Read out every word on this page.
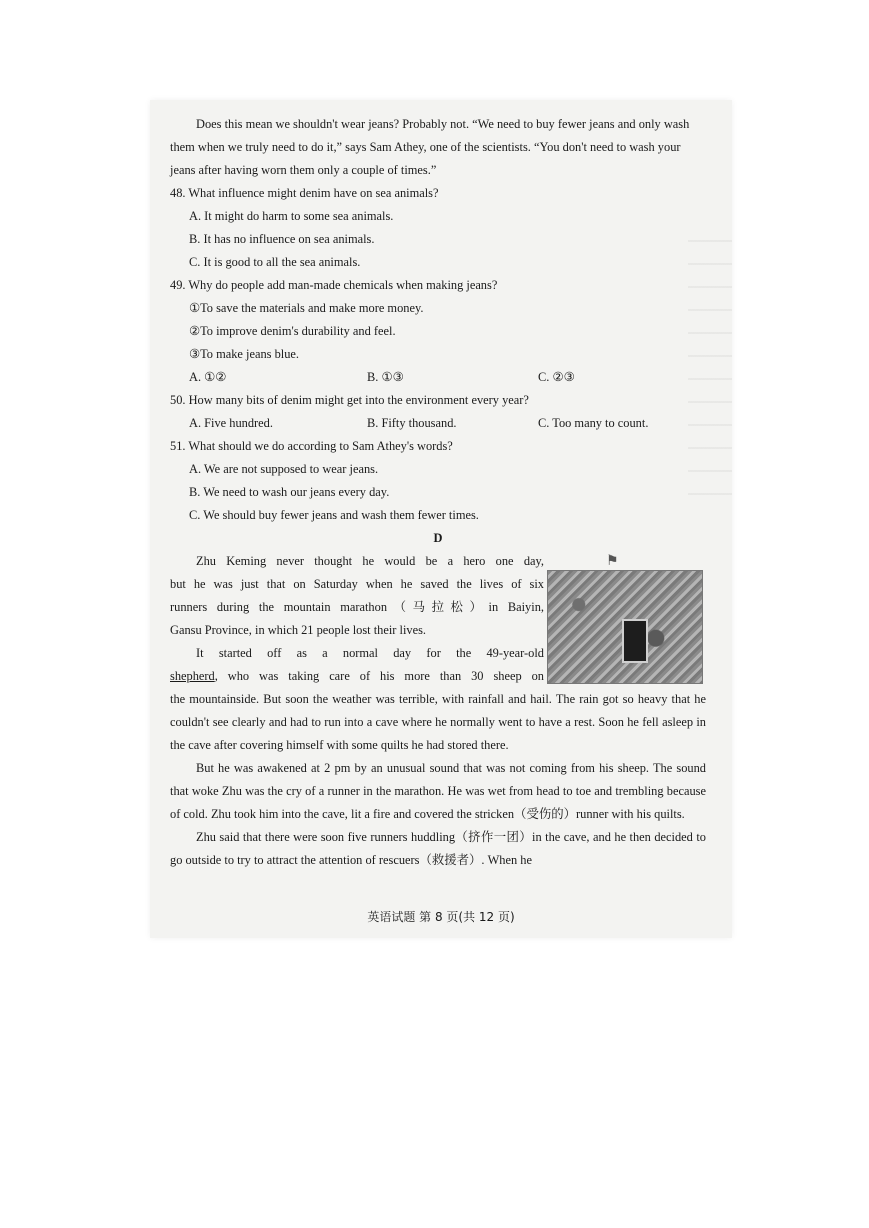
Does this mean we shouldn't wear jeans? Probably not. “We need to buy fewer jeans and only wash them when we truly need to do it,” says Sam Athey, one of the scientists. “You don't need to wash your jeans after having worn them only a couple of times.”

48. What influence might denim have on sea animals?

A. It might do harm to some sea animals.

B. It has no influence on sea animals.

C. It is good to all the sea animals.

49. Why do people add man-made chemicals when making jeans?

①To save the materials and make more money.

②To improve denim's durability and feel.

③To make jeans blue.

A. ①②	B. ①③	C. ②③

50. How many bits of denim might get into the environment every year?

A. Five hundred.	B. Fifty thousand.	C. Too many to count.

51. What should we do according to Sam Athey's words?

A. We are not supposed to wear jeans.

B. We need to wash our jeans every day.

C. We should buy fewer jeans and wash them fewer times.

D

Zhu Keming never thought he would be a hero one day,

but he was just that on Saturday when he saved the lives of six

runners during the mountain marathon（马拉松）in Baiyin,

Gansu Province, in which 21 people lost their lives.

It started off as a normal day for the 49-year-old

shepherd, who was taking care of his more than 30 sheep on

the mountainside. But soon the weather was terrible, with rainfall and hail. The rain got so heavy that he couldn't see clearly and had to run into a cave where he normally went to have a rest. Soon he fell asleep in the cave after covering himself with some quilts he had stored there.

But he was awakened at 2 pm by an unusual sound that was not coming from his sheep. The sound that woke Zhu was the cry of a runner in the marathon. He was wet from head to toe and trembling because of cold. Zhu took him into the cave, lit a fire and covered the stricken（受伤的）runner with his quilts.

Zhu said that there were soon five runners huddling（挤作一团）in the cave, and he then decided to go outside to try to attract the attention of rescuers（救援者）. When he

⚑
英语试题 第 8 页(共 12 页)
